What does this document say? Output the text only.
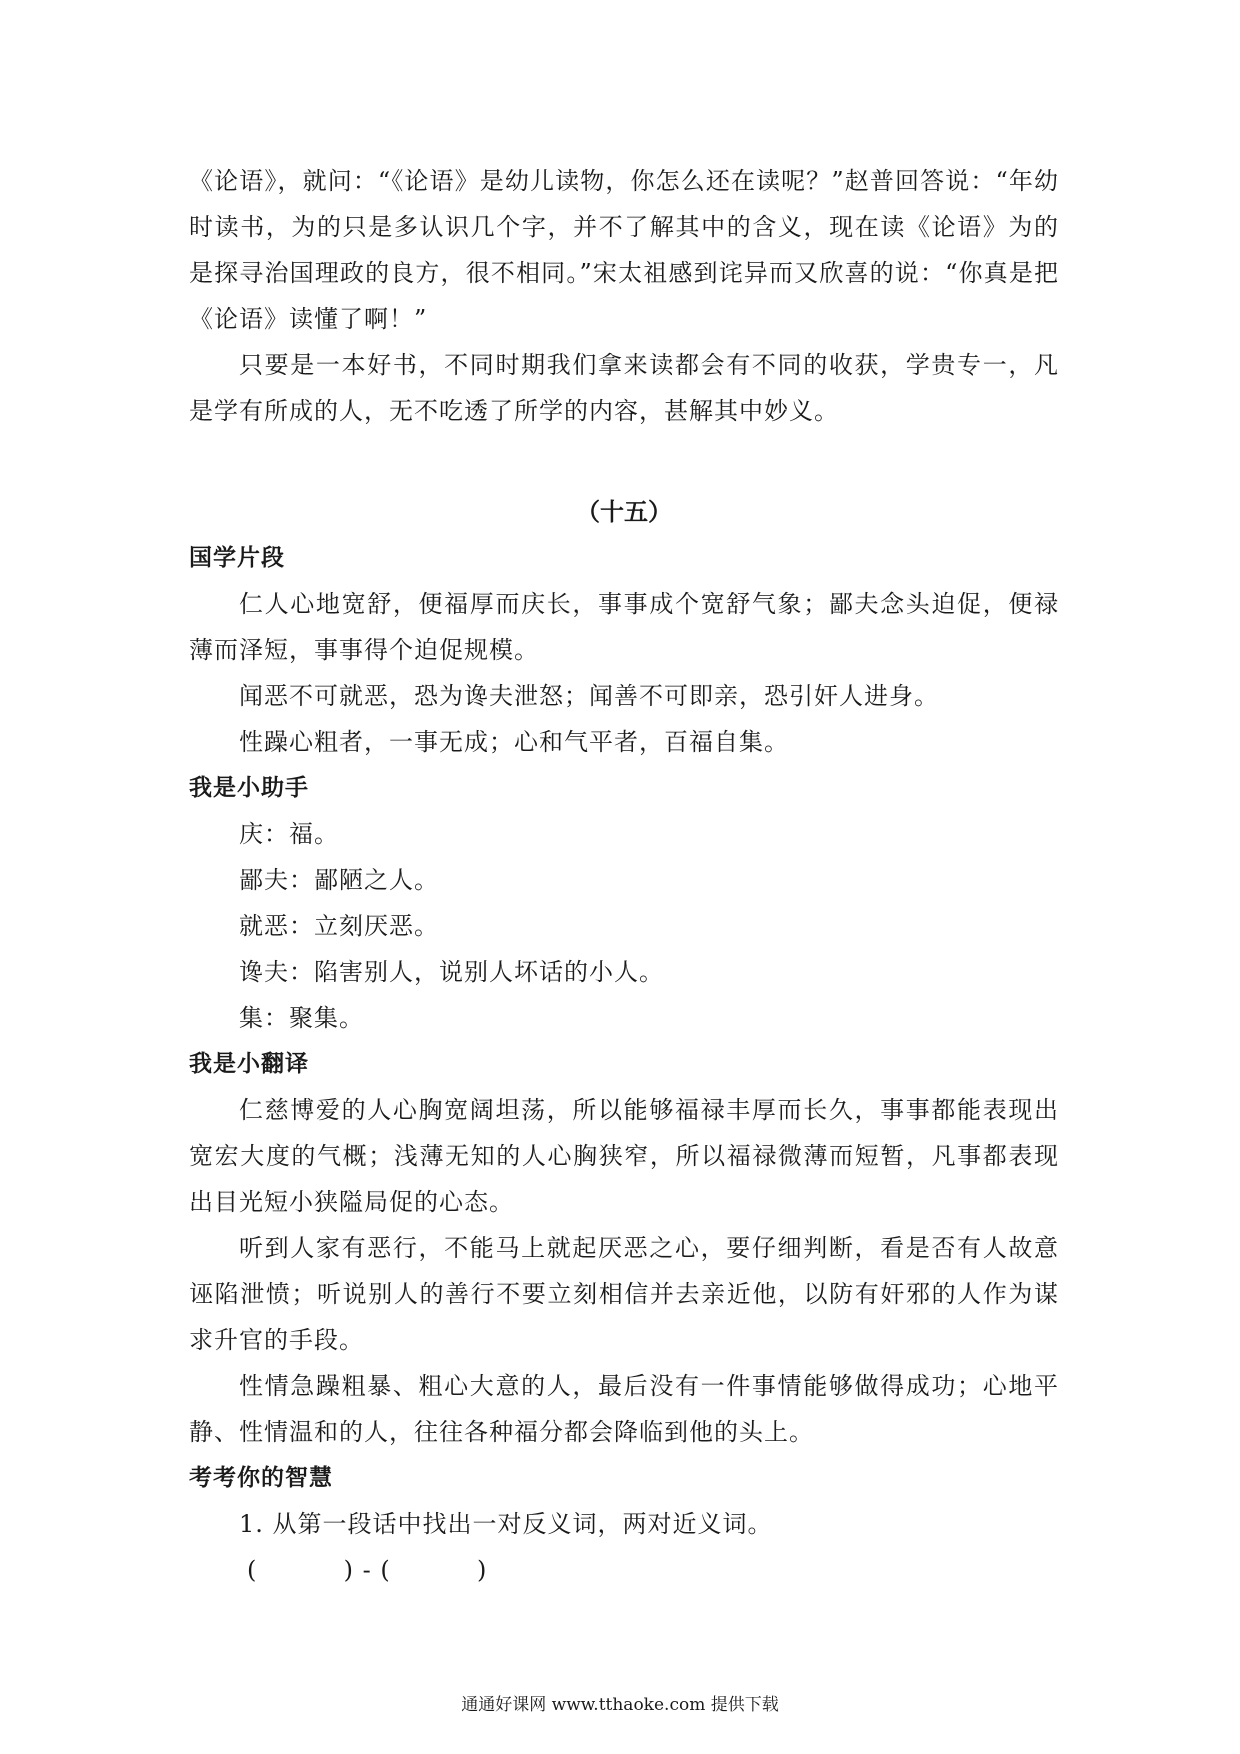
《论语》，就问：“《论语》是幼儿读物，你怎么还在读呢？”赵普回答说：“年幼时读书，为的只是多认识几个字，并不了解其中的含义，现在读《论语》为的是探寻治国理政的良方，很不相同。”宋太祖感到诧异而又欣喜的说：“你真是把《论语》读懂了啊！”

只要是一本好书，不同时期我们拿来读都会有不同的收获，学贵专一，凡是学有所成的人，无不吃透了所学的内容，甚解其中妙义。

（十五）

国学片段

仁人心地宽舒，便福厚而庆长，事事成个宽舒气象；鄙夫念头迫促，便禄薄而泽短，事事得个迫促规模。

闻恶不可就恶，恐为谗夫泄怒；闻善不可即亲，恐引奸人进身。

性躁心粗者，一事无成；心和气平者，百福自集。

我是小助手

庆：福。

鄙夫：鄙陋之人。

就恶：立刻厌恶。

谗夫：陷害别人，说别人坏话的小人。

集：聚集。

我是小翻译

仁慈博爱的人心胸宽阔坦荡，所以能够福禄丰厚而长久，事事都能表现出宽宏大度的气概；浅薄无知的人心胸狭窄，所以福禄微薄而短暂，凡事都表现出目光短小狭隘局促的心态。

听到人家有恶行，不能马上就起厌恶之心，要仔细判断，看是否有人故意诬陷泄愤；听说别人的善行不要立刻相信并去亲近他，以防有奸邪的人作为谋求升官的手段。

性情急躁粗暴、粗心大意的人，最后没有一件事情能够做得成功；心地平静、性情温和的人，往往各种福分都会降临到他的头上。

考考你的智慧

1. 从第一段话中找出一对反义词，两对近义词。

(          ) - (          )

通通好课网 www.tthaoke.com 提供下载
